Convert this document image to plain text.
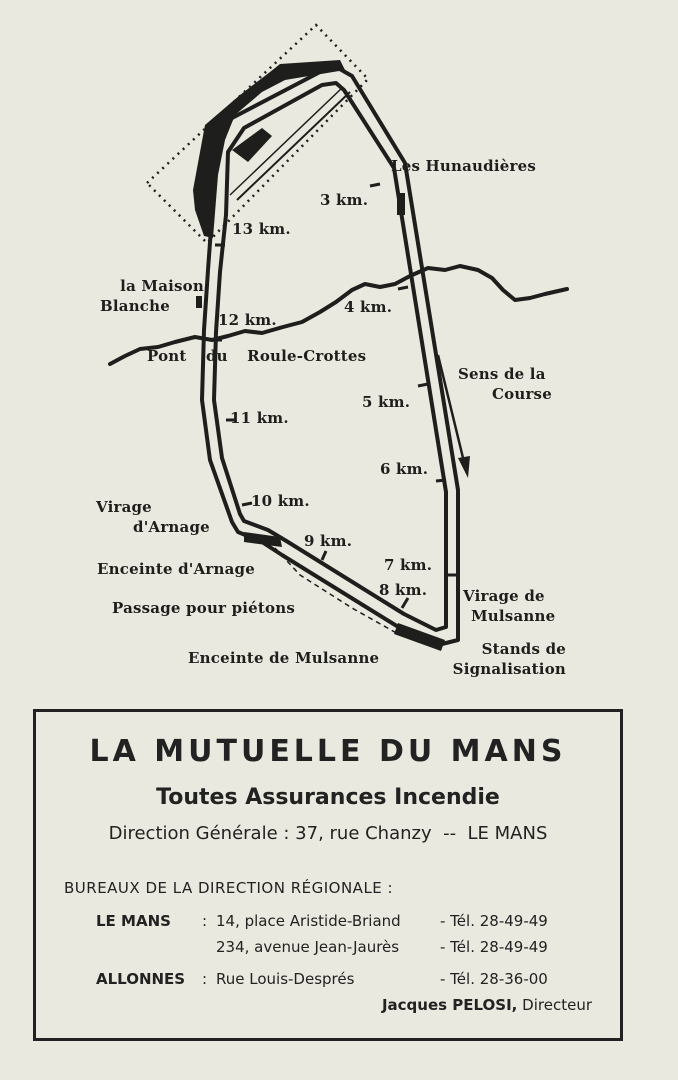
Les Hunaudières
la Maison
Blanche
Pont du Roule-Crottes
Sens de la
Course
Virage
d'Arnage
Enceinte d'Arnage
Passage pour piétons
Enceinte de Mulsanne
Virage de
Mulsanne
Stands de
Signalisation
3 km.
4 km.
5 km.
6 km.
7 km.
8 km.
9 km.
10 km.
11 km.
12 km.
13 km.
LA MUTUELLE DU MANS
Toutes Assurances Incendie
Direction Générale : 37, rue Chanzy  --  LE MANS
BUREAUX DE LA DIRECTION RÉGIONALE :
LE MANS : 14, place Aristide-Briand	- Tél. 28-49-49
234, avenue Jean-Jaurès	- Tél. 28-49-49
ALLONNES : Rue Louis-Després	- Tél. 28-36-00
Jacques PELOSI, Directeur
